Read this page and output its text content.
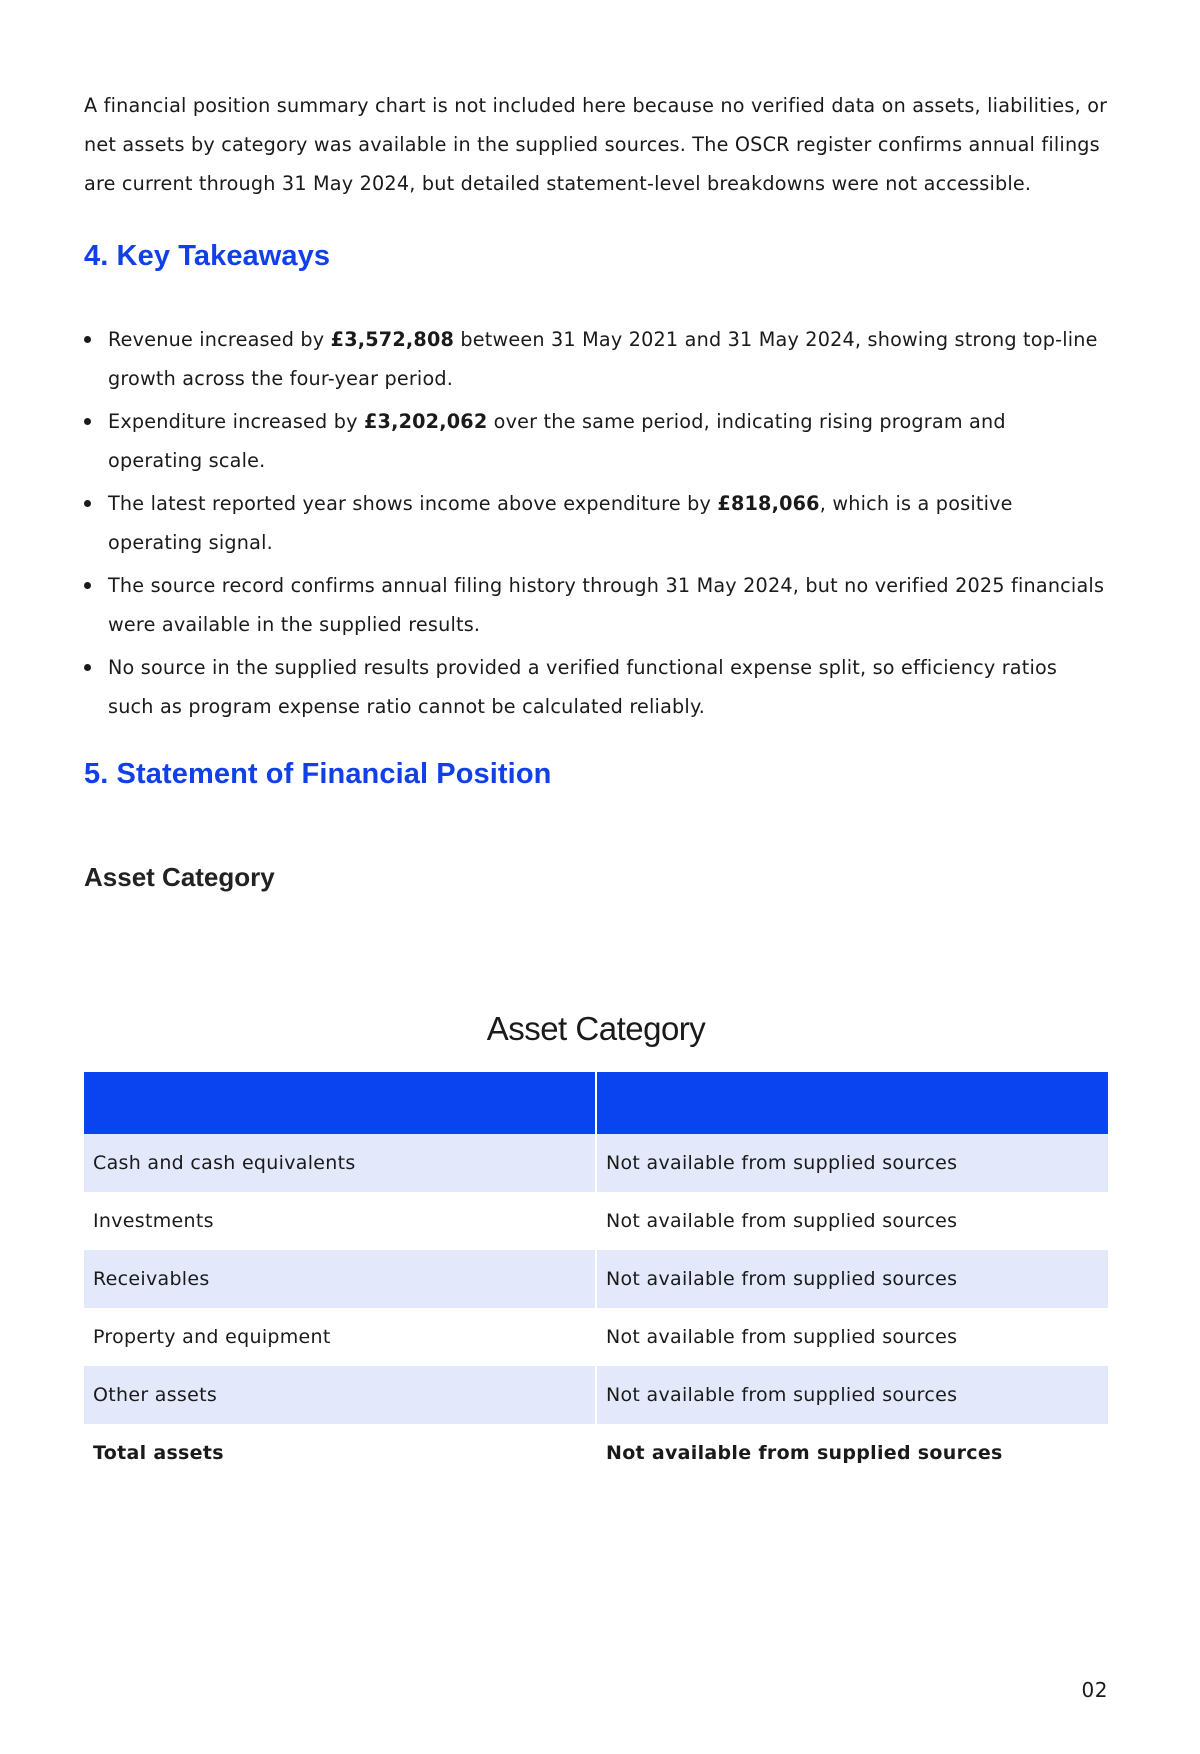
A financial position summary chart is not included here because no verified data on assets, liabilities, or net assets by category was available in the supplied sources. The OSCR register confirms annual filings are current through 31 May 2024, but detailed statement-level breakdowns were not accessible.

4. Key Takeaways
Revenue increased by £3,572,808 between 31 May 2021 and 31 May 2024, showing strong top-line growth across the four-year period.
Expenditure increased by £3,202,062 over the same period, indicating rising program and operating scale.
The latest reported year shows income above expenditure by £818,066, which is a positive operating signal.
The source record confirms annual filing history through 31 May 2024, but no verified 2025 financials were available in the supplied results.
No source in the supplied results provided a verified functional expense split, so efficiency ratios such as program expense ratio cannot be calculated reliably.
5. Statement of Financial Position
Asset Category
Asset Category

Cash and cash equivalents	Not available from supplied sources
Investments	Not available from supplied sources
Receivables	Not available from supplied sources
Property and equipment	Not available from supplied sources
Other assets	Not available from supplied sources
Total assets	Not available from supplied sources
02
